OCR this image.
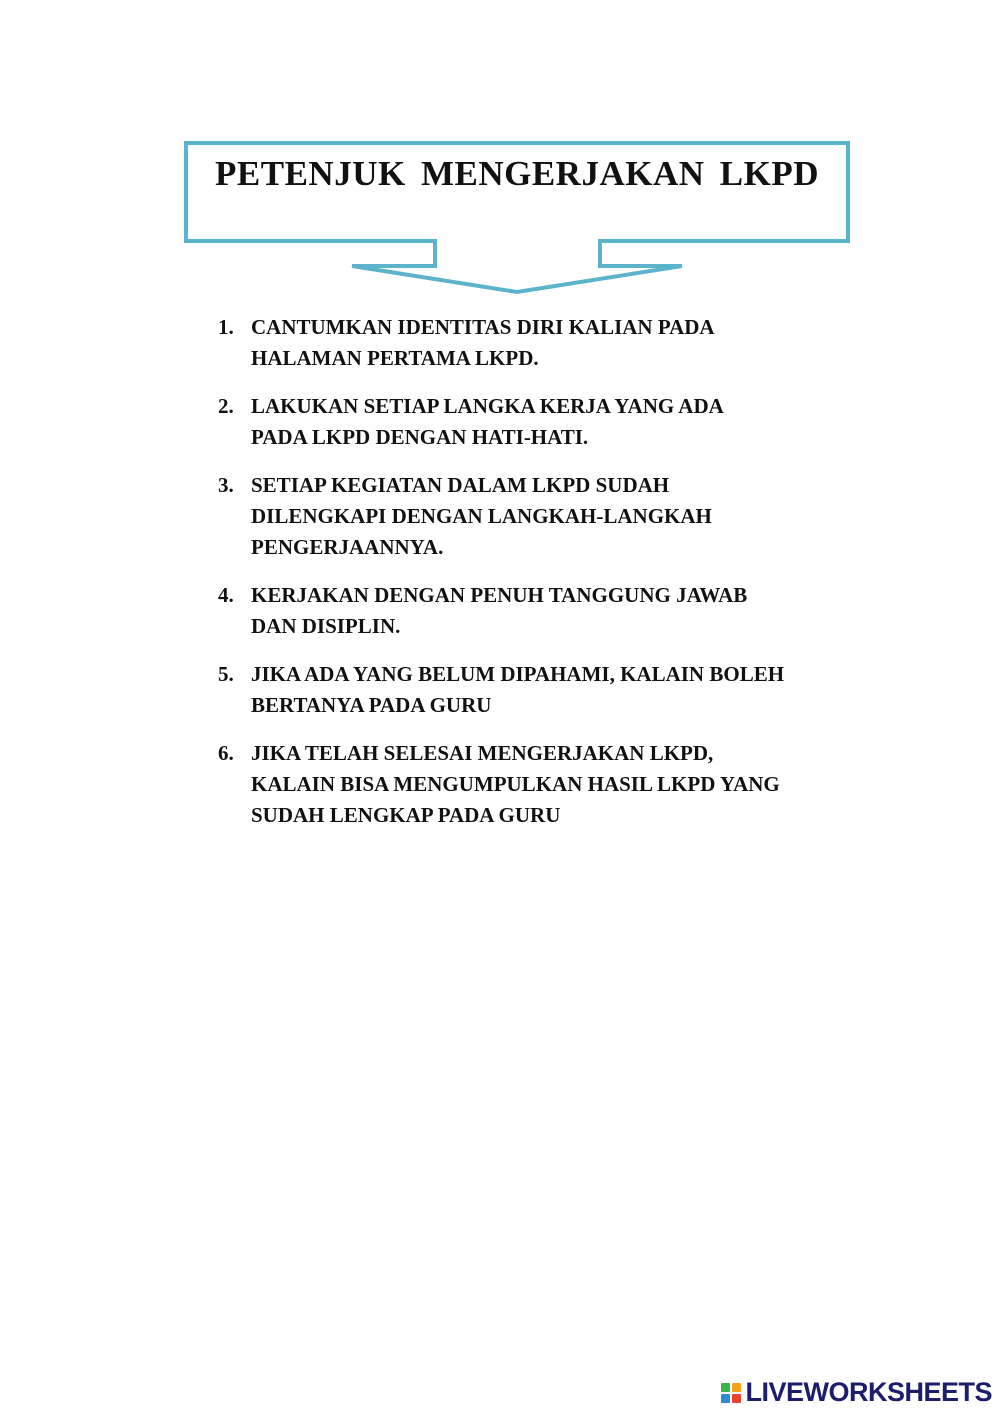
PETENJUK MENGERJAKAN LKPD
1. CANTUMKAN IDENTITAS DIRI KALIAN PADA
HALAMAN PERTAMA LKPD.
2. LAKUKAN SETIAP LANGKA KERJA YANG ADA
PADA LKPD DENGAN HATI-HATI.
3. SETIAP KEGIATAN DALAM LKPD SUDAH
DILENGKAPI DENGAN LANGKAH-LANGKAH
PENGERJAANNYA.
4. KERJAKAN DENGAN PENUH TANGGUNG JAWAB
DAN DISIPLIN.
5. JIKA ADA YANG BELUM DIPAHAMI, KALAIN BOLEH
BERTANYA PADA GURU
6. JIKA TELAH SELESAI MENGERJAKAN LKPD,
KALAIN BISA MENGUMPULKAN HASIL LKPD YANG
SUDAH LENGKAP PADA GURU
LIVEWORKSHEETS
